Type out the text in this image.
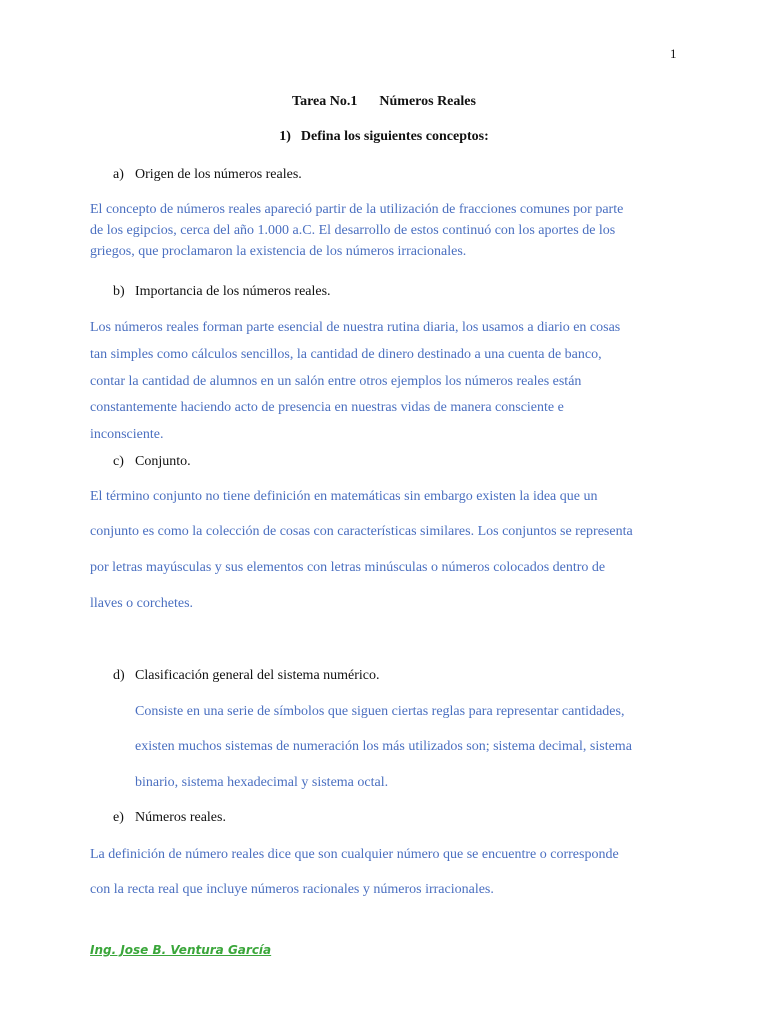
1
Tarea No.1 Números Reales
1) Defina los siguientes conceptos:
a) Origen de los números reales.
El concepto de números reales apareció partir de la utilización de fracciones comunes por parte
de los egipcios, cerca del año 1.000 a.C. El desarrollo de estos continuó con los aportes de los
griegos, que proclamaron la existencia de los números irracionales.
b) Importancia de los números reales.
Los números reales forman parte esencial de nuestra rutina diaria, los usamos a diario en cosas
tan simples como cálculos sencillos, la cantidad de dinero destinado a una cuenta de banco,
contar la cantidad de alumnos en un salón entre otros ejemplos los números reales están
constantemente haciendo acto de presencia en nuestras vidas de manera consciente e
inconsciente.
c) Conjunto.
El término conjunto no tiene definición en matemáticas sin embargo existen la idea que un
conjunto es como la colección de cosas con características similares. Los conjuntos se representa
por letras mayúsculas y sus elementos con letras minúsculas o números colocados dentro de
llaves o corchetes.
d) Clasificación general del sistema numérico.
Consiste en una serie de símbolos que siguen ciertas reglas para representar cantidades,
existen muchos sistemas de numeración los más utilizados son; sistema decimal, sistema
binario, sistema hexadecimal y sistema octal.
e) Números reales.
La definición de número reales dice que son cualquier número que se encuentre o corresponde
con la recta real que incluye números racionales y números irracionales.
Ing. Jose B. Ventura García
